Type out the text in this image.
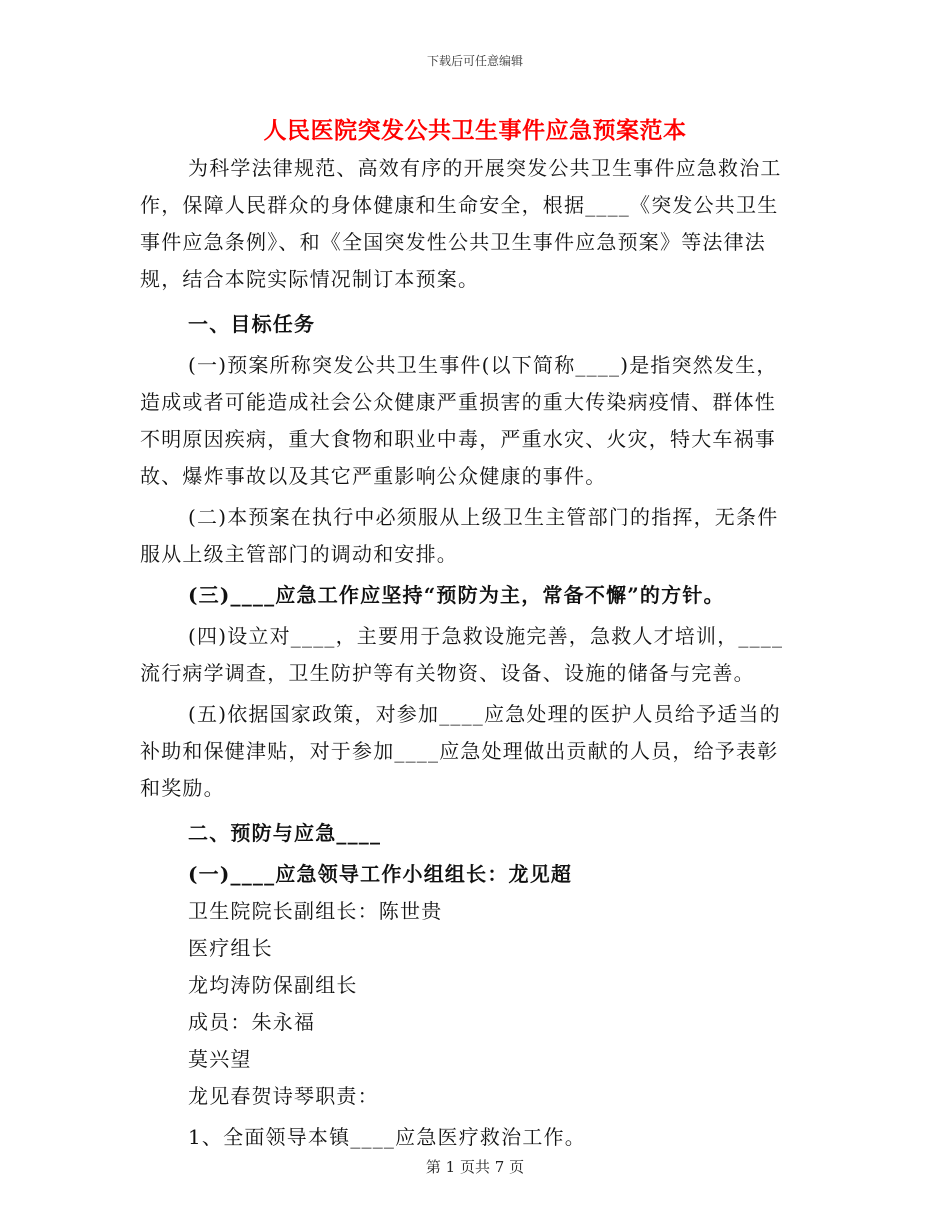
下载后可任意编辑
人民医院突发公共卫生事件应急预案范本

为科学法律规范、高效有序的开展突发公共卫生事件应急救治工作，保障人民群众的身体健康和生命安全，根据____《突发公共卫生事件应急条例》、和《全国突发性公共卫生事件应急预案》等法律法规，结合本院实际情况制订本预案。

一、目标任务

(一)预案所称突发公共卫生事件(以下简称____)是指突然发生，造成或者可能造成社会公众健康严重损害的重大传染病疫情、群体性不明原因疾病，重大食物和职业中毒，严重水灾、火灾，特大车祸事故、爆炸事故以及其它严重影响公众健康的事件。

(二)本预案在执行中必须服从上级卫生主管部门的指挥，无条件服从上级主管部门的调动和安排。

(三)____应急工作应坚持“预防为主，常备不懈”的方针。

(四)设立对____，主要用于急救设施完善，急救人才培训，____流行病学调查，卫生防护等有关物资、设备、设施的储备与完善。

(五)依据国家政策，对参加____应急处理的医护人员给予适当的补助和保健津贴，对于参加____应急处理做出贡献的人员，给予表彰和奖励。

二、预防与应急____

(一)____应急领导工作小组组长：龙见超

卫生院院长副组长：陈世贵

医疗组长

龙均涛防保副组长

成员：朱永福

莫兴望

龙见春贺诗琴职责：

1、全面领导本镇____应急医疗救治工作。

第 1 页共 7 页
